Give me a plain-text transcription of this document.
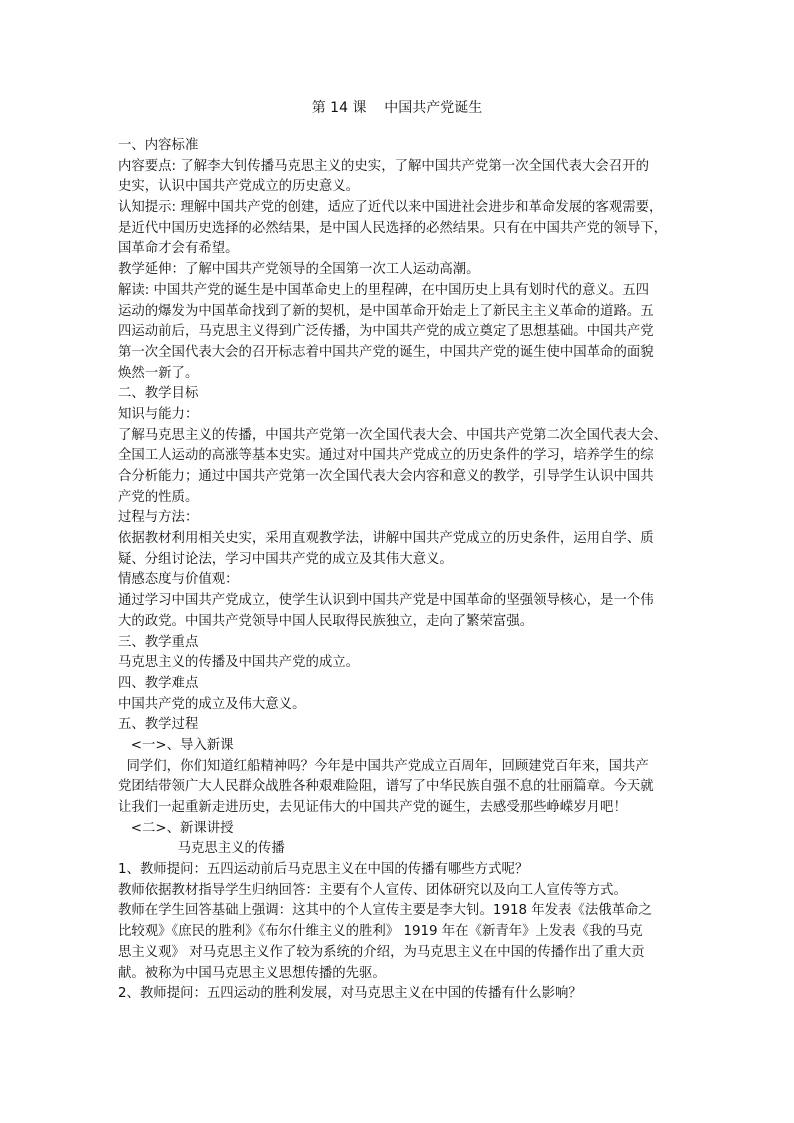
第 14 课    中国共产党诞生

一、内容标准

内容要点: 了解李大钊传播马克思主义的史实，了解中国共产党第一次全国代表大会召开的

史实，认识中国共产党成立的历史意义。

认知提示: 理解中国共产党的创建，适应了近代以来中国进社会进步和革命发展的客观需要，

是近代中国历史选择的必然结果，是中国人民选择的必然结果。只有在中国共产党的领导下，

国革命才会有希望。

教学延伸：了解中国共产党领导的全国第一次工人运动高潮。

解读: 中国共产党的诞生是中国革命史上的里程碑，在中国历史上具有划时代的意义。五四

运动的爆发为中国革命找到了新的契机，是中国革命开始走上了新民主主义革命的道路。五

四运动前后，马克思主义得到广泛传播，为中国共产党的成立奠定了思想基础。中国共产党

第一次全国代表大会的召开标志着中国共产党的诞生，中国共产党的诞生使中国革命的面貌

焕然一新了。

二、教学目标

知识与能力：

了解马克思主义的传播，中国共产党第一次全国代表大会、中国共产党第二次全国代表大会、

全国工人运动的高涨等基本史实。通过对中国共产党成立的历史条件的学习，培养学生的综

合分析能力；通过中国共产党第一次全国代表大会内容和意义的教学，引导学生认识中国共

产党的性质。

过程与方法：

依据教材利用相关史实，采用直观教学法，讲解中国共产党成立的历史条件，运用自学、质

疑、分组讨论法，学习中国共产党的成立及其伟大意义。

情感态度与价值观：

通过学习中国共产党成立，使学生认识到中国共产党是中国革命的坚强领导核心，是一个伟

大的政党。中国共产党领导中国人民取得民族独立，走向了繁荣富强。

三、教学重点

马克思主义的传播及中国共产党的成立。

四、教学难点

中国共产党的成立及伟大意义。

五、教学过程

<一>、导入新课

同学们，你们知道红船精神吗？今年是中国共产党成立百周年，回顾建党百年来，国共产

党团结带领广大人民群众战胜各种艰难险阻，谱写了中华民族自强不息的壮丽篇章。今天就

让我们一起重新走进历史，去见证伟大的中国共产党的诞生，去感受那些峥嵘岁月吧！

<二>、新课讲授

马克思主义的传播

1、教师提问：五四运动前后马克思主义在中国的传播有哪些方式呢？

教师依据教材指导学生归纳回答：主要有个人宣传、团体研究以及向工人宣传等方式。

教师在学生回答基础上强调：这其中的个人宣传主要是李大钊。1918 年发表《法俄革命之

比较观》《庶民的胜利》《布尔什维主义的胜利》 1919 年在《新青年》上发表《我的马克

思主义观》 对马克思主义作了较为系统的介绍，为马克思主义在中国的传播作出了重大贡

献。被称为中国马克思主义思想传播的先驱。

2、教师提问：五四运动的胜利发展，对马克思主义在中国的传播有什么影响？
